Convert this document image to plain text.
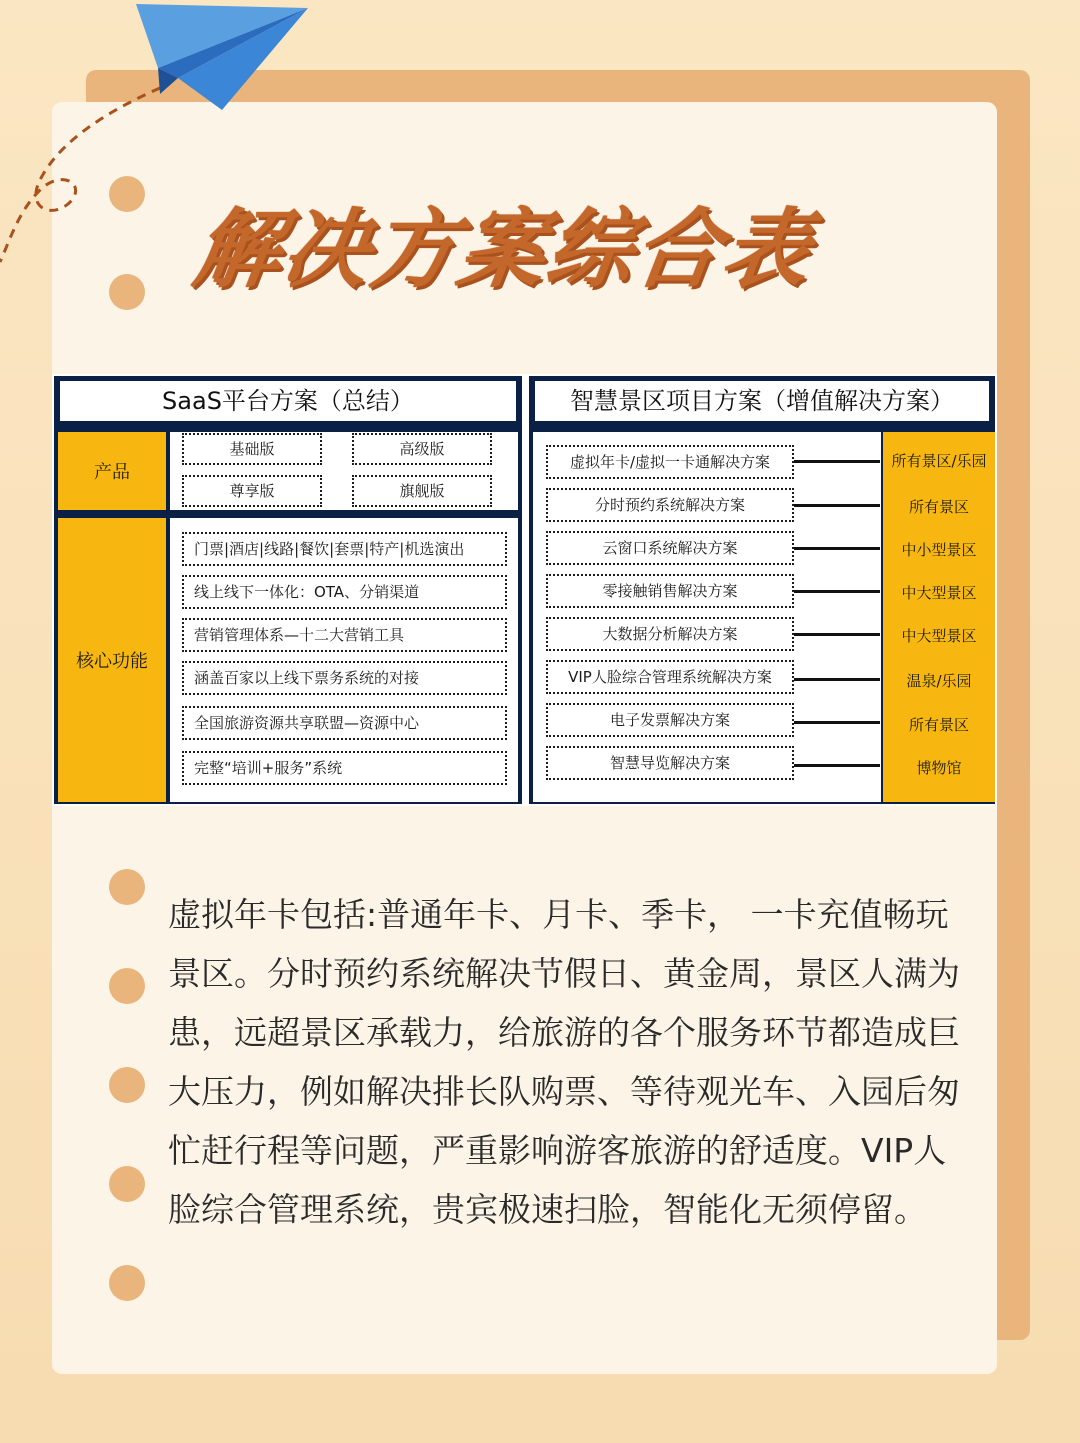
解决方案综合表
SaaS平台方案（总结）
产品
核心功能
基础版	高级版
尊享版	旗舰版
门票|酒店|线路|餐饮|套票|特产|机选演出
线上线下一体化：OTA、分销渠道
营销管理体系—十二大营销工具
涵盖百家以上线下票务系统的对接
全国旅游资源共享联盟—资源中心
完整“培训+服务”系统
智慧景区项目方案（增值解决方案）
虚拟年卡/虚拟一卡通解决方案
分时预约系统解决方案
云窗口系统解决方案
零接触销售解决方案
大数据分析解决方案
VIP人脸综合管理系统解决方案
电子发票解决方案
智慧导览解决方案
所有景区/乐园
所有景区
中小型景区
中大型景区
中大型景区
温泉/乐园
所有景区
博物馆

虚拟年卡包括:普通年卡、月卡、季卡， 一卡充值畅玩景区。分时预约系统解决节假日、黄金周，景区人满为患，远超景区承载力，给旅游的各个服务环节都造成巨大压力，例如解决排长队购票、等待观光车、入园后匆忙赶行程等问题，严重影响游客旅游的舒适度。VIP人脸综合管理系统，贵宾极速扫脸，智能化无须停留。
